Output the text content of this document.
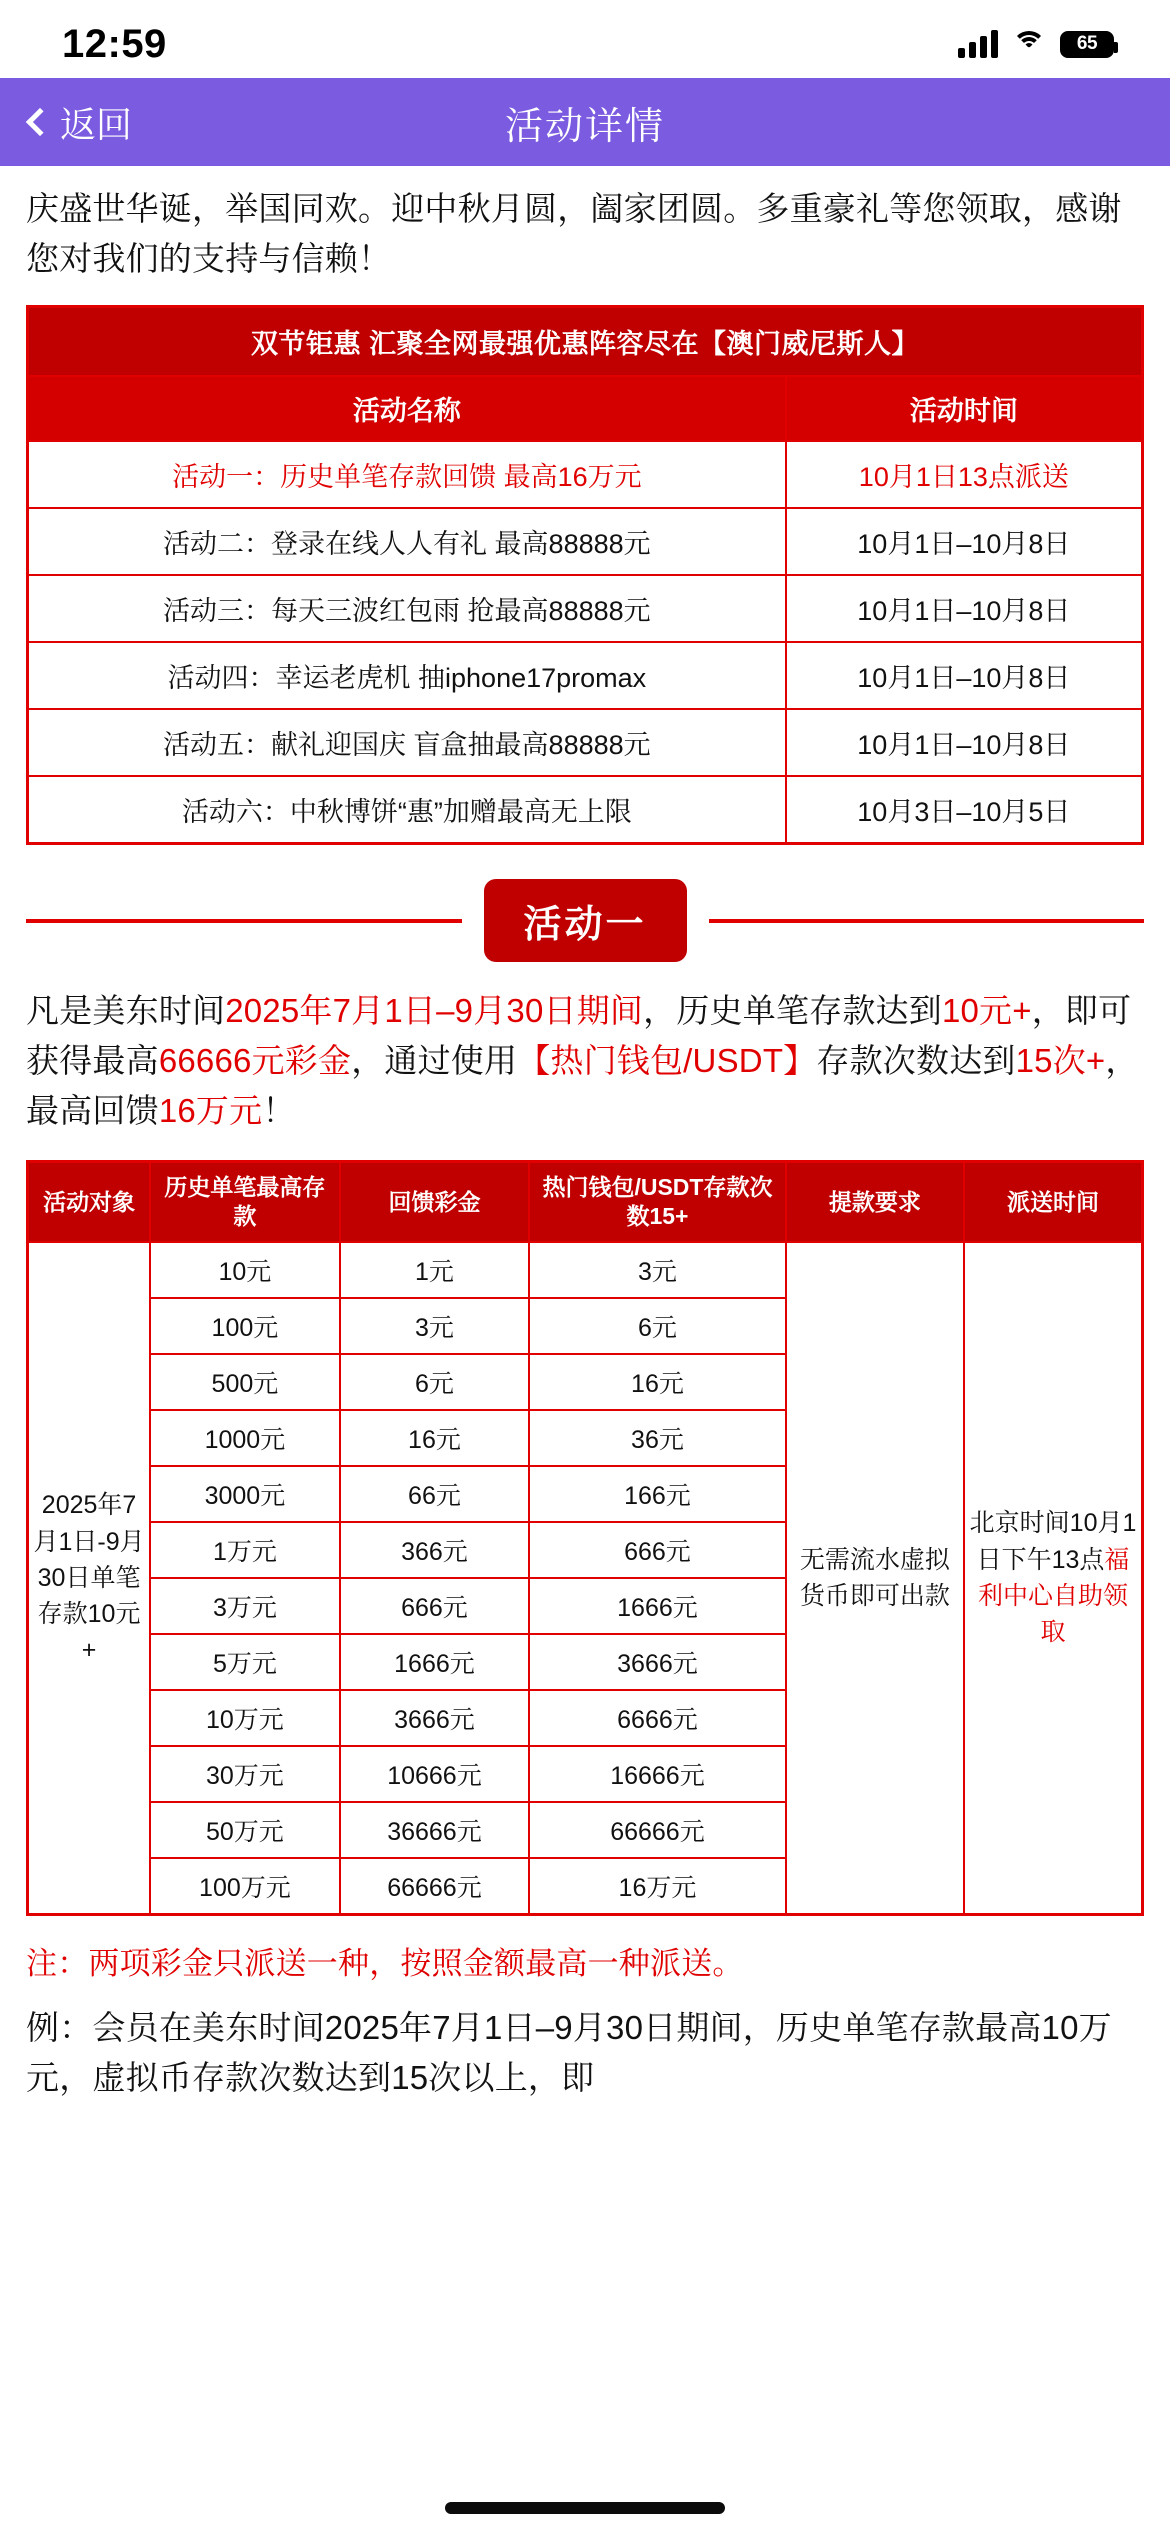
12:59	65
返回	活动详情
庆盛世华诞，举国同欢。迎中秋月圆，阖家团圆。多重豪礼等您领取，感谢您对我们的支持与信赖！
双节钜惠 汇聚全网最强优惠阵容尽在【澳门威尼斯人】	
活动名称	活动时间
活动一：历史单笔存款回馈 最高16万元	10月1日13点派送
活动二：登录在线人人有礼 最高88888元	10月1日–10月8日
活动三：每天三波红包雨 抢最高88888元	10月1日–10月8日
活动四：幸运老虎机 抽iphone17promax	10月1日–10月8日
活动五：献礼迎国庆 盲盒抽最高88888元	10月1日–10月8日
活动六：中秋博饼“惠”加赠最高无上限	10月3日–10月5日
活动一
凡是美东时间2025年7月1日–9月30日期间，历史单笔存款达到10元+，即可获得最高66666元彩金，通过使用【热门钱包/USDT】存款次数达到15次+，最高回馈16万元！
活动对象	历史单笔最高存款	回馈彩金	热门钱包/USDT存款次数15+	提款要求	派送时间
2025年7月1日-9月30日单笔存款10元+	10元	1元	3元	无需流水虚拟货币即可出款	北京时间10月1日下午13点福利中心自助领取
	100元	3元	6元		
	500元	6元	16元		
	1000元	16元	36元		
	3000元	66元	166元		
	1万元	366元	666元		
	3万元	666元	1666元		
	5万元	1666元	3666元		
	10万元	3666元	6666元		
	30万元	10666元	16666元		
	50万元	36666元	66666元		
	100万元	66666元	16万元		
注：两项彩金只派送一种，按照金额最高一种派送。
例：会员在美东时间2025年7月1日–9月30日期间，历史单笔存款最高10万元，虚拟币存款次数达到15次以上，即
